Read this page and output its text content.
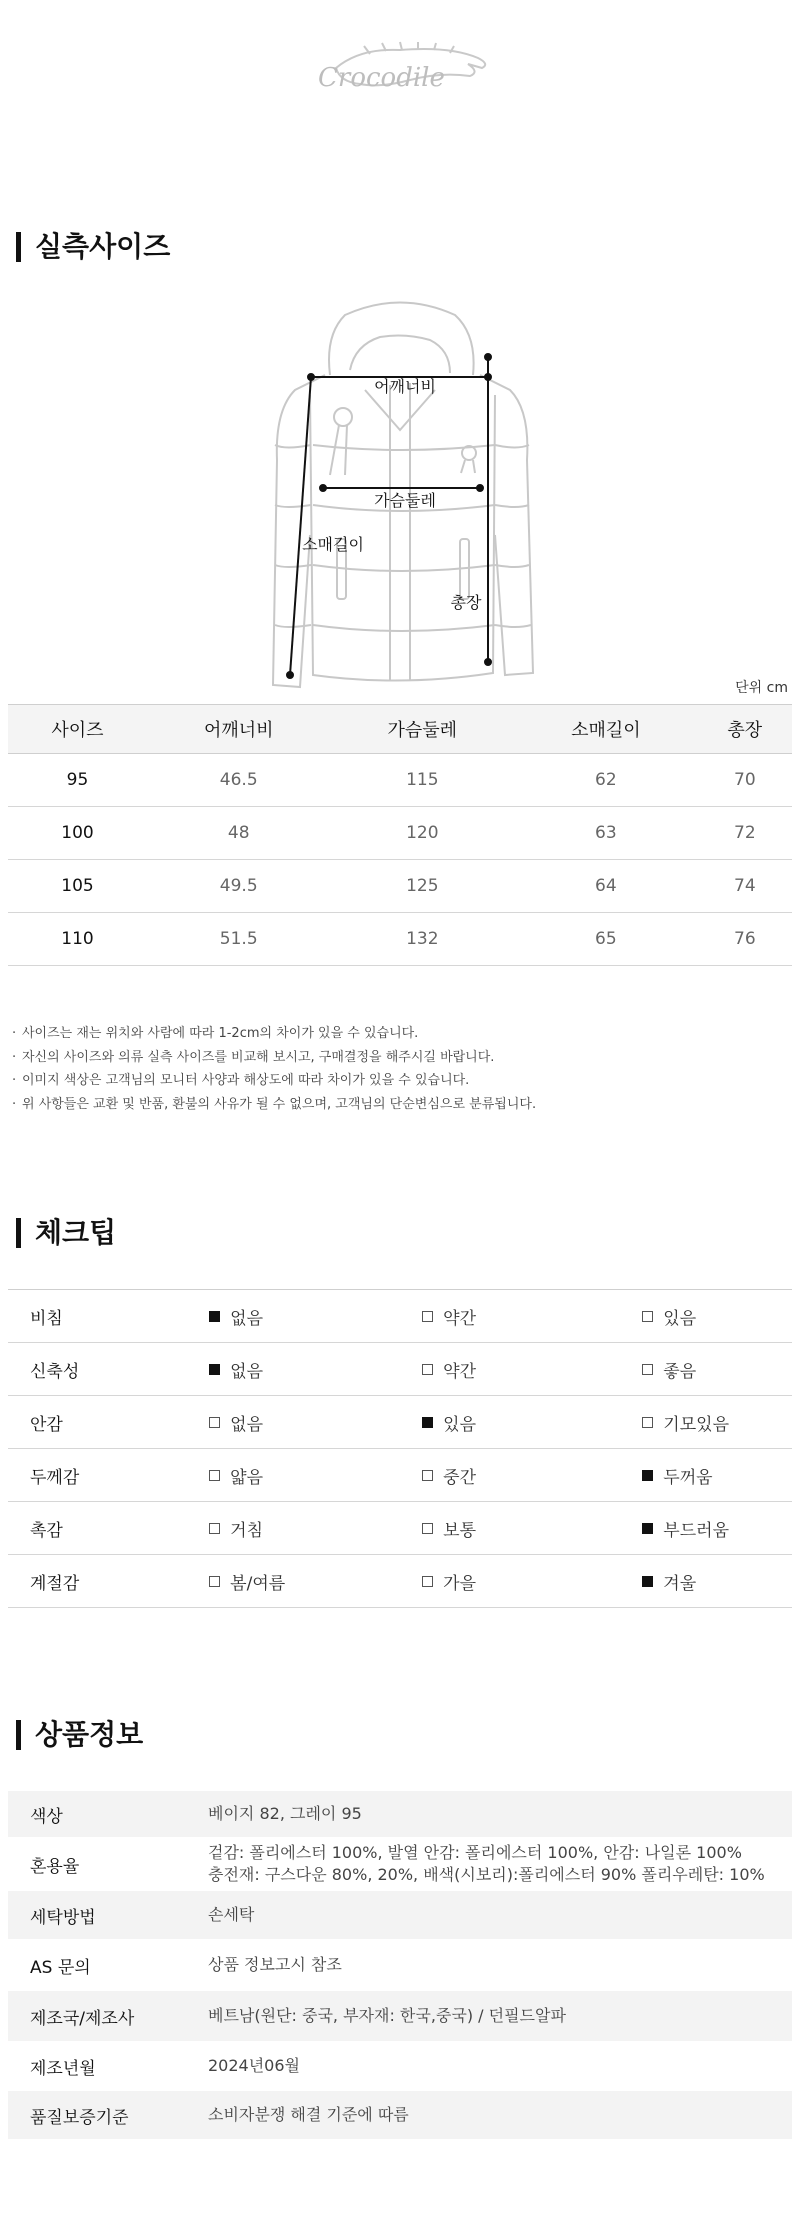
Crocodile
실측사이즈
어깨너비
가슴둘레
소매길이
총장
단위 cm
사이즈	어깨너비	가슴둘레	소매길이	총장
95	46.5	115	62	70
100	48	120	63	72
105	49.5	125	64	74
110	51.5	132	65	76
· 사이즈는 재는 위치와 사람에 따라 1-2cm의 차이가 있을 수 있습니다.
· 자신의 사이즈와 의류 실측 사이즈를 비교해 보시고, 구매결정을 해주시길 바랍니다.
· 이미지 색상은 고객님의 모니터 사양과 해상도에 따라 차이가 있을 수 있습니다.
· 위 사항들은 교환 및 반품, 환불의 사유가 될 수 없으며, 고객님의 단순변심으로 분류됩니다.
체크팁
비침	없음	약간	있음

신축성	없음	약간	좋음

안감	없음	있음	기모있음

두께감	얇음	중간	두꺼움

촉감	거침	보통	부드러움

계절감	봄/여름	가을	겨울
상품정보
색상	베이지 82, 그레이 95

혼용율	겉감: 폴리에스터 100%, 발열 안감: 폴리에스터 100%, 안감: 나일론 100%
충전재: 구스다운 80%, 20%, 배색(시보리):폴리에스터 90% 폴리우레탄: 10%

세탁방법	손세탁

AS 문의	상품 정보고시 참조

제조국/제조사	베트남(원단: 중국, 부자재: 한국,중국) / 던필드알파

제조년월	2024년06월

품질보증기준	소비자분쟁 해결 기준에 따름
